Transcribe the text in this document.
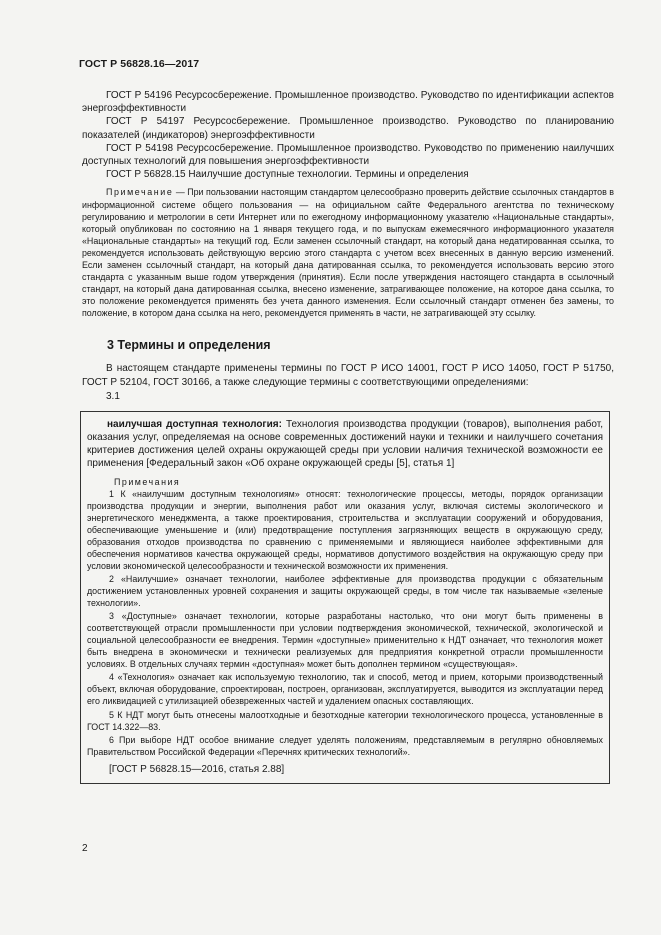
ГОСТ Р 56828.16—2017

ГОСТ Р 54196 Ресурсосбережение. Промышленное производство. Руководство по идентификации аспектов энергоэффективности

ГОСТ Р 54197 Ресурсосбережение. Промышленное производство. Руководство по планированию показателей (индикаторов) энергоэффективности

ГОСТ Р 54198 Ресурсосбережение. Промышленное производство. Руководство по применению наилучших доступных технологий для повышения энергоэффективности

ГОСТ Р 56828.15 Наилучшие доступные технологии. Термины и определения

Примечание — При пользовании настоящим стандартом целесообразно проверить действие ссылочных стандартов в информационной системе общего пользования — на официальном сайте Федерального агентства по техническому регулированию и метрологии в сети Интернет или по ежегодному информационному указателю «Национальные стандарты», который опубликован по состоянию на 1 января текущего года, и по выпускам ежемесячного информационного указателя «Национальные стандарты» на текущий год. Если заменен ссылочный стандарт, на который дана недатированная ссылка, то рекомендуется использовать действующую версию этого стандарта с учетом всех внесенных в данную версию изменений. Если заменен ссылочный стандарт, на который дана датированная ссылка, то рекомендуется использовать версию этого стандарта с указанным выше годом утверждения (принятия). Если после утверждения настоящего стандарта в ссылочный стандарт, на который дана датированная ссылка, внесено изменение, затрагивающее положение, на которое дана ссылка, то это положение рекомендуется применять без учета данного изменения. Если ссылочный стандарт отменен без замены, то положение, в котором дана ссылка на него, рекомендуется применять в части, не затрагивающей эту ссылку.

3 Термины и определения

В настоящем стандарте применены термины по ГОСТ Р ИСО 14001, ГОСТ Р ИСО 14050, ГОСТ Р 51750, ГОСТ Р 52104, ГОСТ 30166, а также следующие термины с соответствующими определениями:

3.1

наилучшая доступная технология: Технология производства продукции (товаров), выполнения работ, оказания услуг, определяемая на основе современных достижений науки и техники и наилучшего сочетания критериев достижения целей охраны окружающей среды при условии наличия технической возможности ее применения [Федеральный закон «Об охране окружающей среды [5], статья 1]

Примечания

1 К «наилучшим доступным технологиям» относят: технологические процессы, методы, порядок организации производства продукции и энергии, выполнения работ или оказания услуг, включая системы экологического и энергетического менеджмента, а также проектирования, строительства и эксплуатации сооружений и оборудования, обеспечивающие уменьшение и (или) предотвращение поступления загрязняющих веществ в окружающую среду, образования отходов производства по сравнению с применяемыми и являющиеся наиболее эффективными для обеспечения нормативов качества окружающей среды, нормативов допустимого воздействия на окружающую среду при условии экономической целесообразности и технической возможности их применения.

2 «Наилучшие» означает технологии, наиболее эффективные для производства продукции с обязательным достижением установленных уровней сохранения и защиты окружающей среды, в том числе так называемые «зеленые технологии».

3 «Доступные» означает технологии, которые разработаны настолько, что они могут быть применены в соответствующей отрасли промышленности при условии подтверждения экономической, технической, экологической и социальной целесообразности ее внедрения. Термин «доступные» применительно к НДТ означает, что технология может быть внедрена в экономически и технически реализуемых для предприятия конкретной отрасли промышленности условиях. В отдельных случаях термин «доступная» может быть дополнен термином «существующая».

4 «Технология» означает как используемую технологию, так и способ, метод и прием, которыми производственный объект, включая оборудование, спроектирован, построен, организован, эксплуатируется, выводится из эксплуатации перед его ликвидацией с утилизацией обезвреженных частей и удалением опасных составляющих.

5 К НДТ могут быть отнесены малоотходные и безотходные категории технологического процесса, установленные в ГОСТ 14.322—83.

6 При выборе НДТ особое внимание следует уделять положениям, представляемым в регулярно обновляемых Правительством Российской Федерации «Перечнях критических технологий».

[ГОСТ Р 56828.15—2016, статья 2.88]
2
